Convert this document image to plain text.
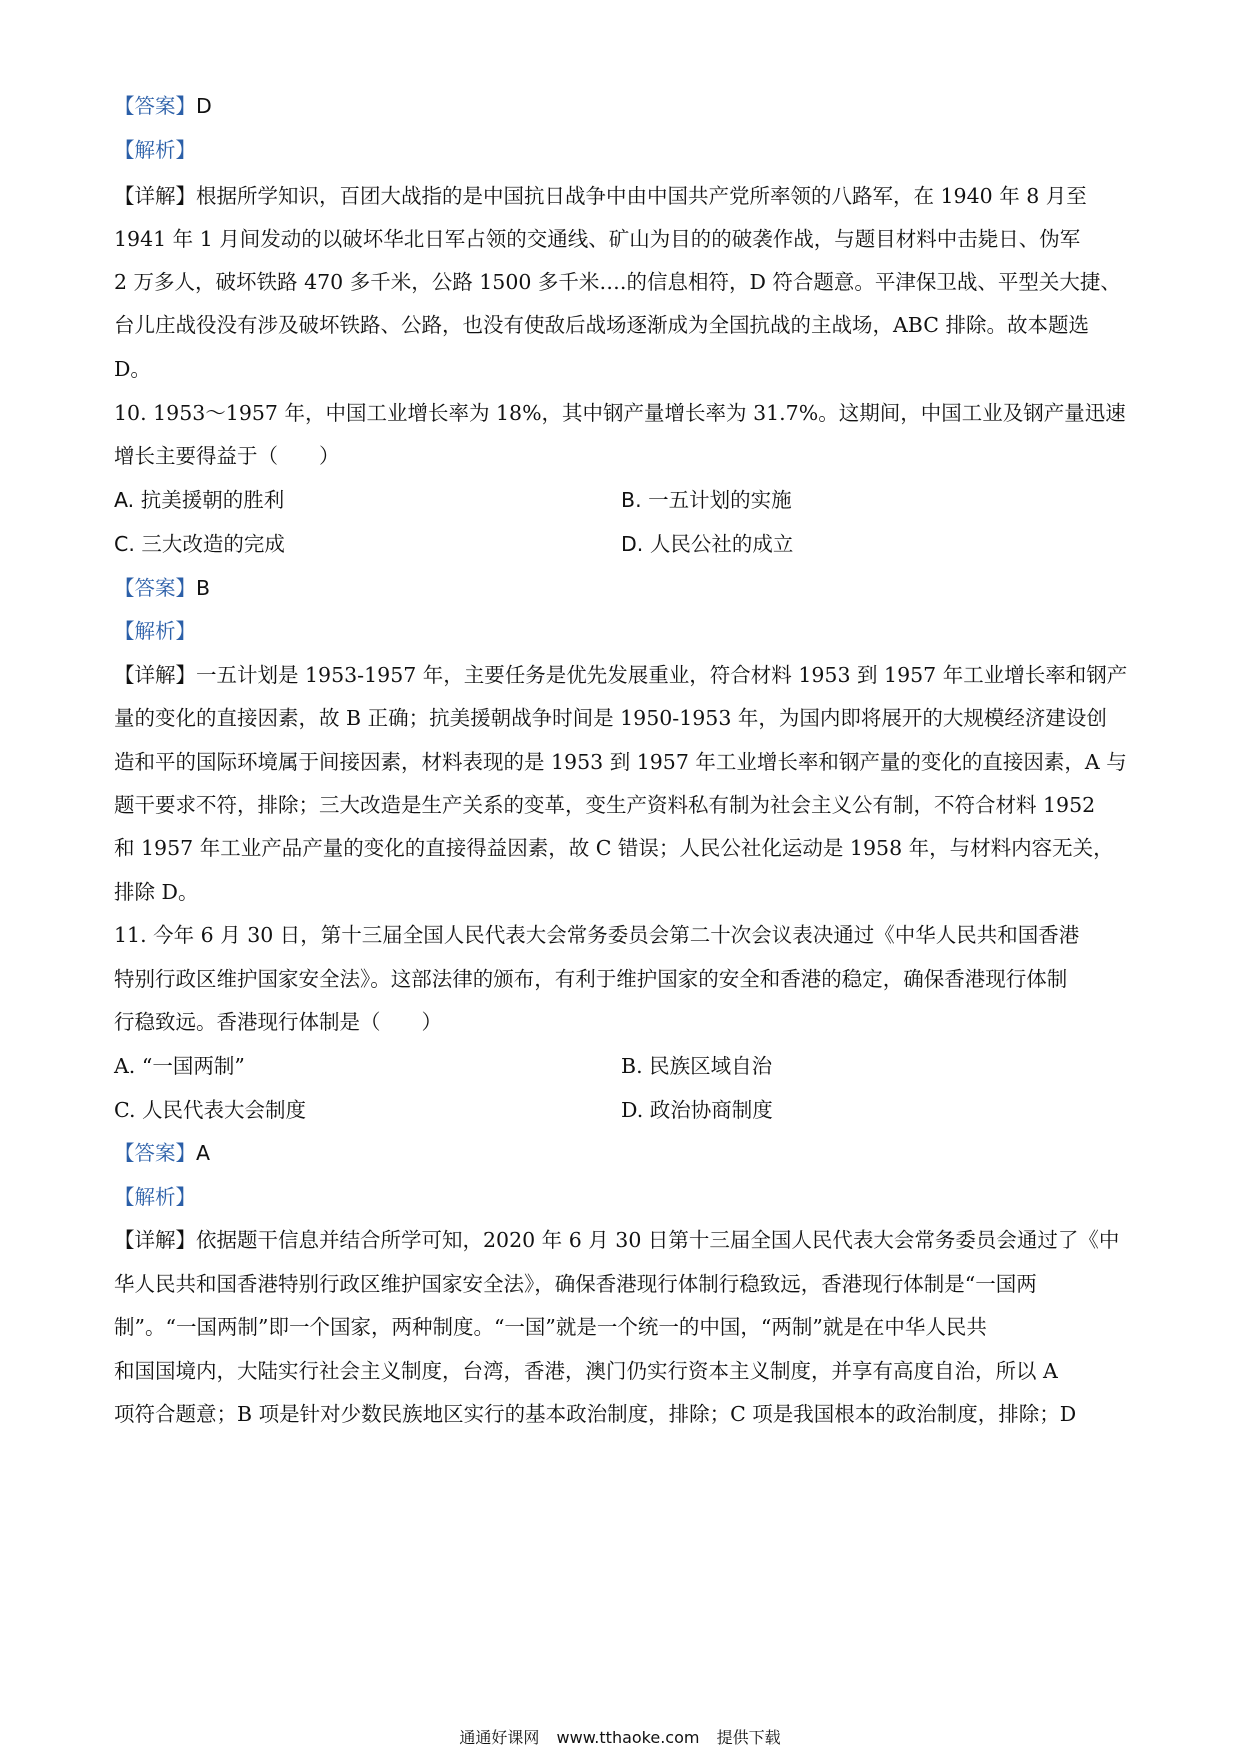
【答案】D
【解析】
【详解】根据所学知识，百团大战指的是中国抗日战争中由中国共产党所率领的八路军，在 1940 年 8 月至
1941 年 1 月间发动的以破坏华北日军占领的交通线、矿山为目的的破袭作战，与题目材料中击毙日、伪军
2 万多人，破坏铁路 470 多千米，公路 1500 多千米….的信息相符，D 符合题意。平津保卫战、平型关大捷、
台儿庄战役没有涉及破坏铁路、公路，也没有使敌后战场逐渐成为全国抗战的主战场，ABC 排除。故本题选
D。
10. 1953～1957 年，中国工业增长率为 18%，其中钢产量增长率为 31.7%。这期间，中国工业及钢产量迅速
增长主要得益于（　　）
A. 抗美援朝的胜利	B. 一五计划的实施
C. 三大改造的完成	D. 人民公社的成立
【答案】B
【解析】
【详解】一五计划是 1953-1957 年，主要任务是优先发展重业，符合材料 1953 到 1957 年工业增长率和钢产
量的变化的直接因素，故 B 正确；抗美援朝战争时间是 1950-1953 年，为国内即将展开的大规模经济建设创
造和平的国际环境属于间接因素，材料表现的是 1953 到 1957 年工业增长率和钢产量的变化的直接因素，A 与
题干要求不符，排除；三大改造是生产关系的变革，变生产资料私有制为社会主义公有制，不符合材料 1952
和 1957 年工业产品产量的变化的直接得益因素，故 C 错误；人民公社化运动是 1958 年，与材料内容无关，
排除 D。
11. 今年 6 月 30 日，第十三届全国人民代表大会常务委员会第二十次会议表决通过《中华人民共和国香港
特别行政区维护国家安全法》。这部法律的颁布，有利于维护国家的安全和香港的稳定，确保香港现行体制
行稳致远。香港现行体制是（　　）
A. “一国两制”	B. 民族区域自治
C. 人民代表大会制度	D. 政治协商制度
【答案】A
【解析】
【详解】依据题干信息并结合所学可知，2020 年 6 月 30 日第十三届全国人民代表大会常务委员会通过了《中
华人民共和国香港特别行政区维护国家安全法》，确保香港现行体制行稳致远，香港现行体制是“一国两
制”。“一国两制”即一个国家，两种制度。“一国”就是一个统一的中国，“两制”就是在中华人民共
和国国境内，大陆实行社会主义制度，台湾，香港，澳门仍实行资本主义制度，并享有高度自治，所以 A
项符合题意；B 项是针对少数民族地区实行的基本政治制度，排除；C 项是我国根本的政治制度，排除；D
通通好课网 www.tthaoke.com 提供下载
